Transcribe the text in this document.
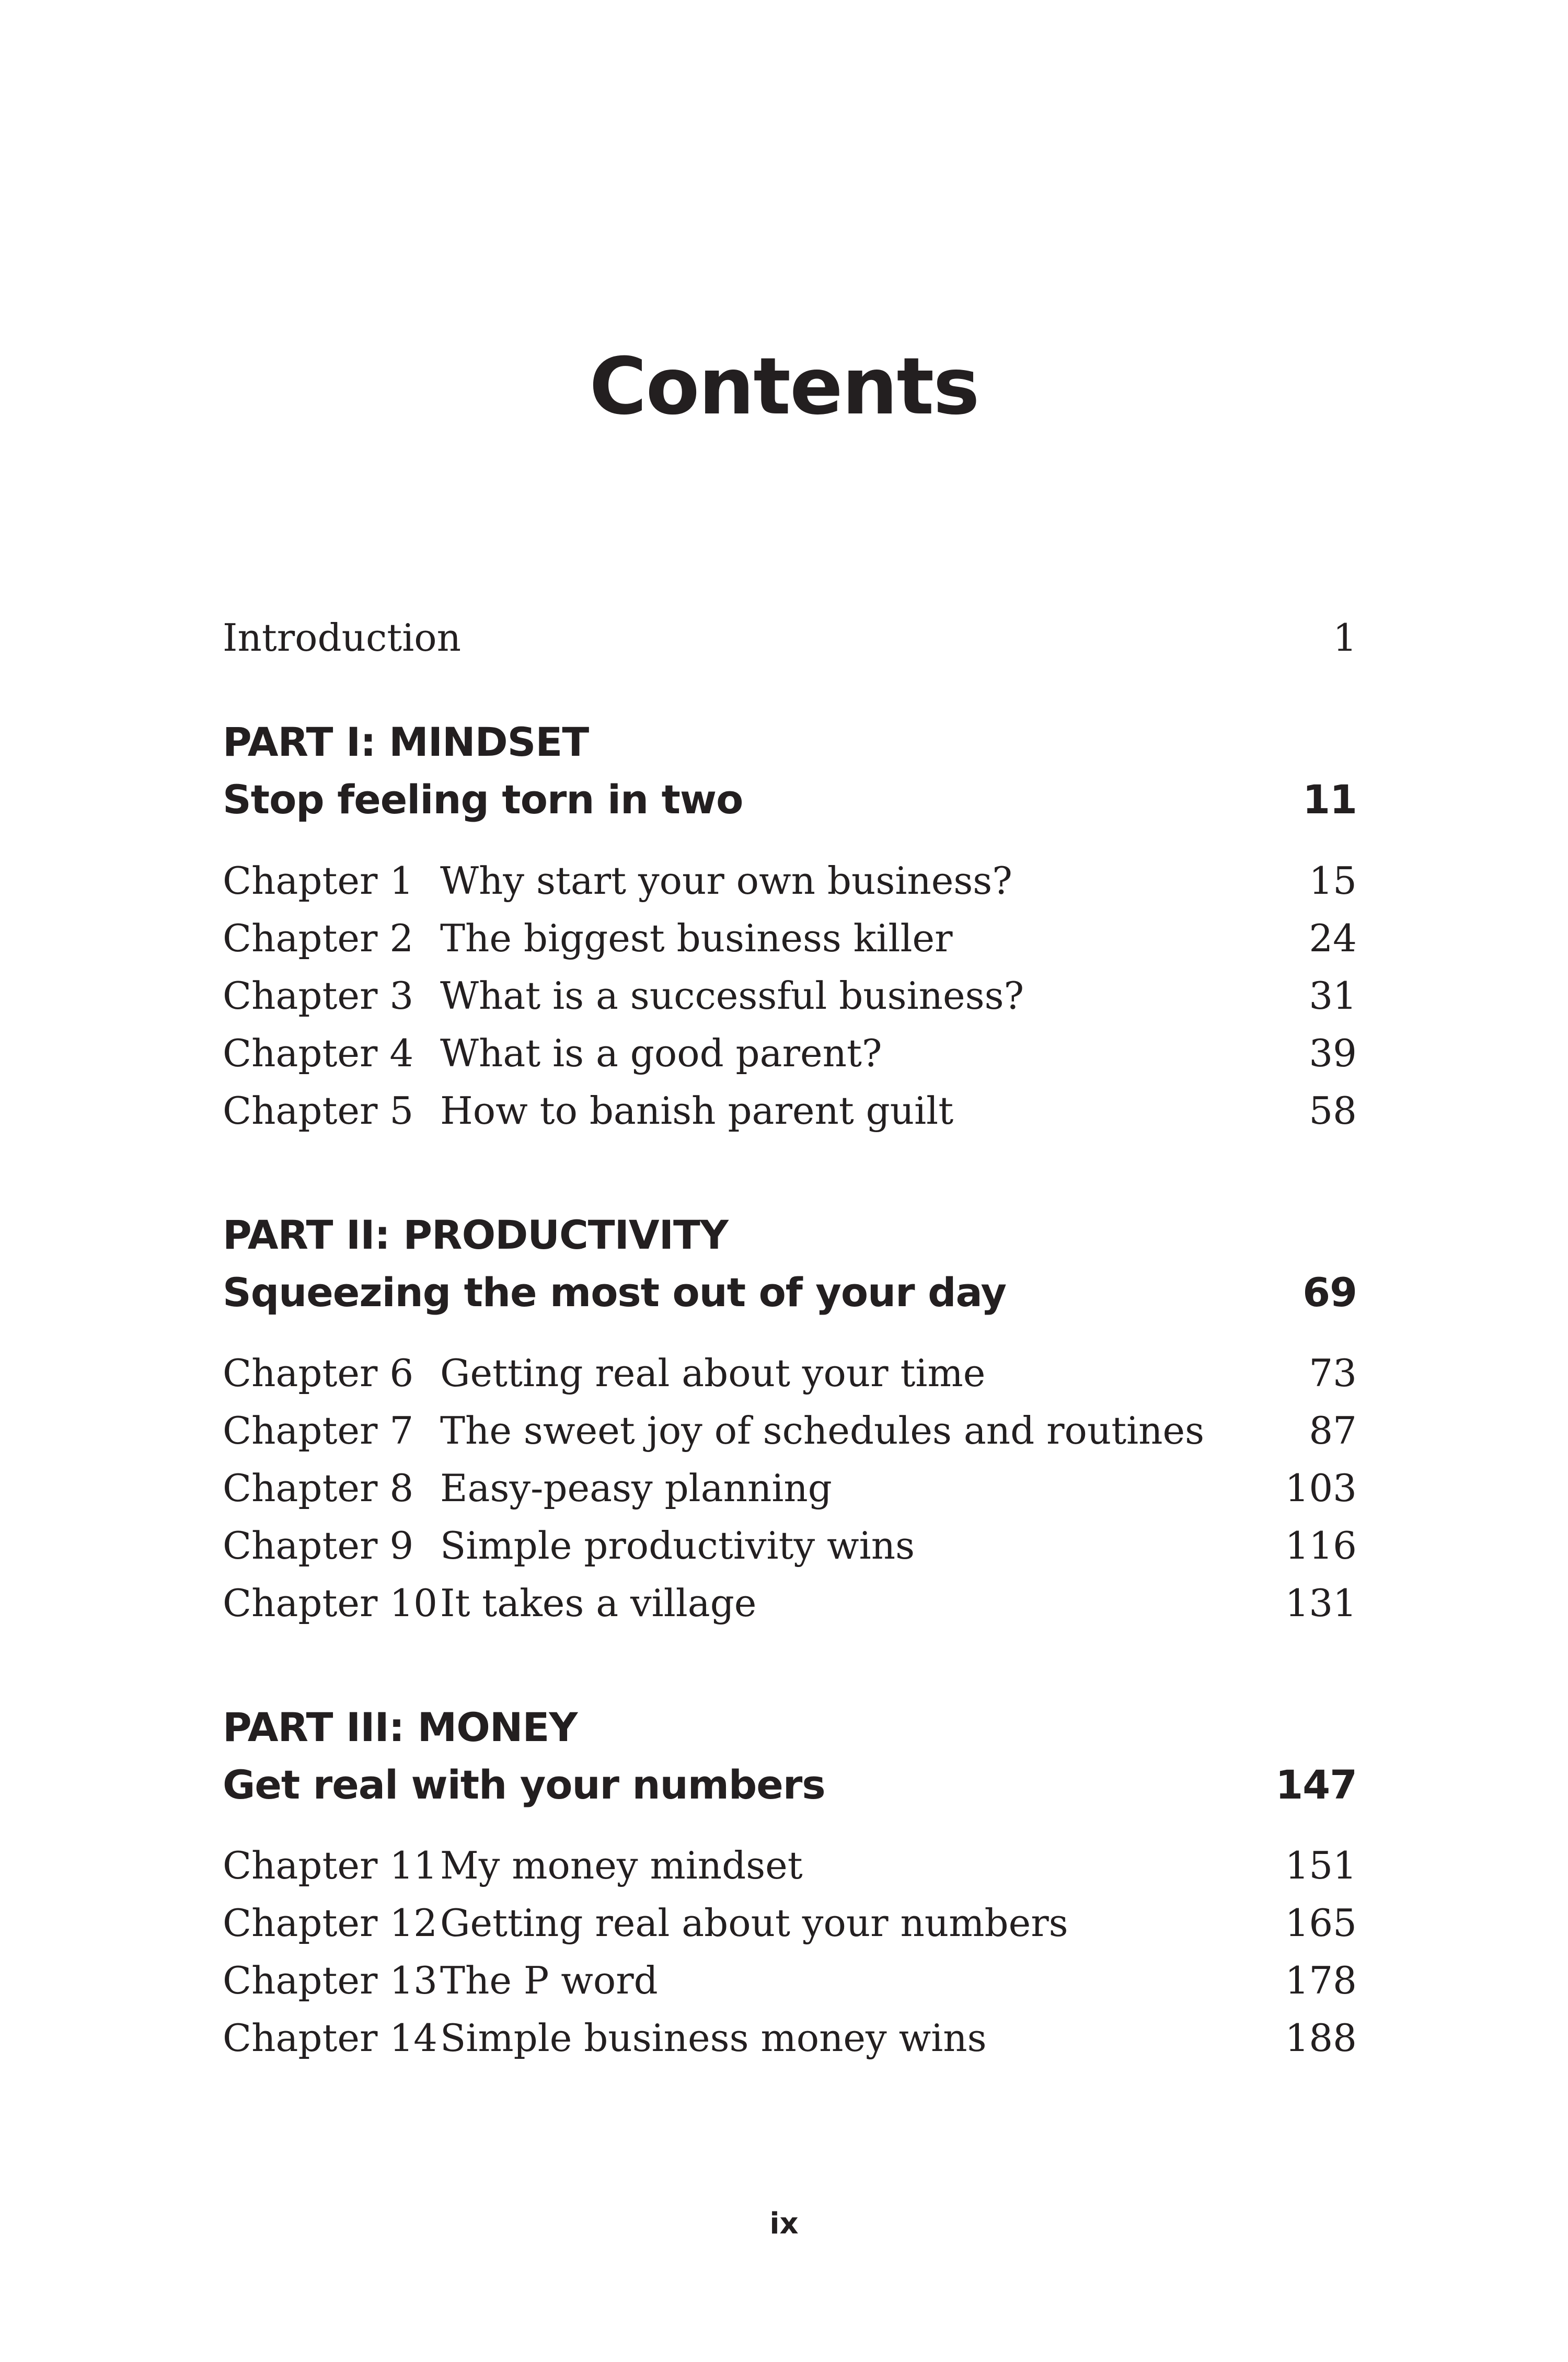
Contents
Introduction	1
PART I: MINDSET
Stop feeling torn in two	11
Chapter 1 Why start your own business?	15
Chapter 2 The biggest business killer	24
Chapter 3 What is a successful business?	31
Chapter 4 What is a good parent?	39
Chapter 5 How to banish parent guilt	58
PART II: PRODUCTIVITY
Squeezing the most out of your day	69
Chapter 6 Getting real about your time	73
Chapter 7 The sweet joy of schedules and routines	87
Chapter 8 Easy-peasy planning	103
Chapter 9 Simple productivity wins	116
Chapter 10 It takes a village	131
PART III: MONEY
Get real with your numbers	147
Chapter 11 My money mindset	151
Chapter 12 Getting real about your numbers	165
Chapter 13 The P word	178
Chapter 14 Simple business money wins	188
ix
